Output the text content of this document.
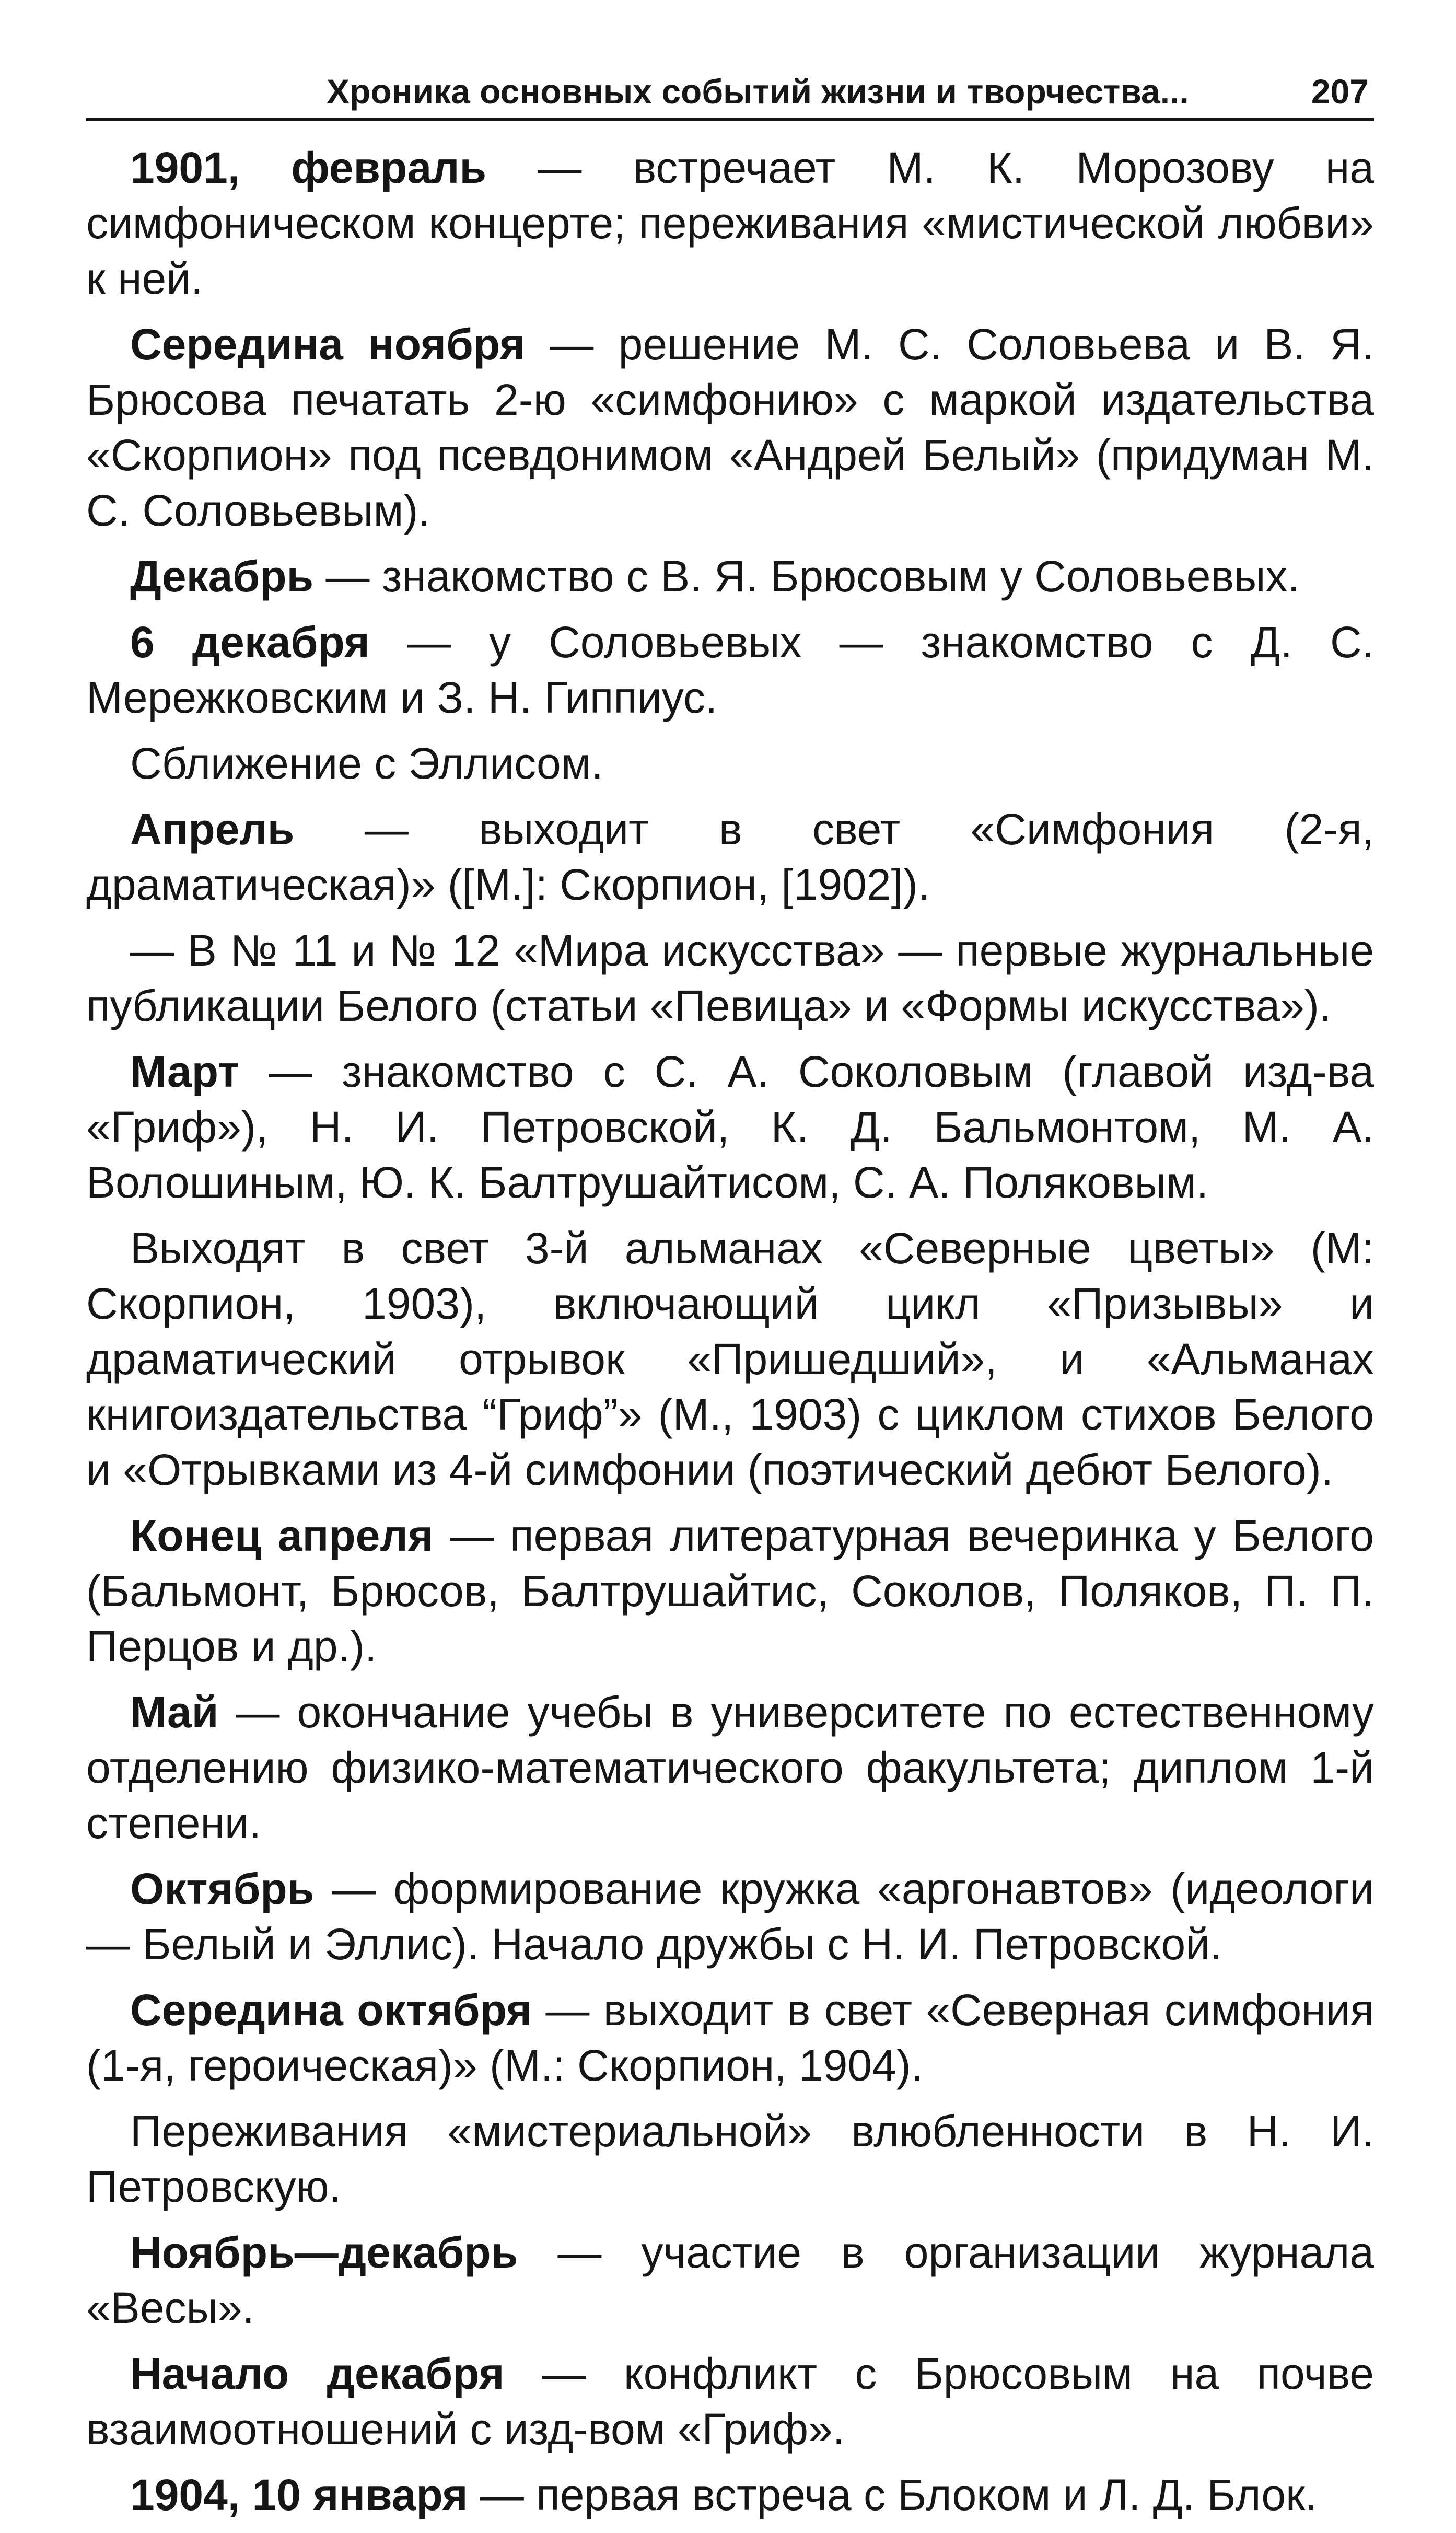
Хроника основных событий жизни и творчества...	207

1901, февраль — встречает М. К. Морозову на симфоническом концерте; переживания «мистической любви» к ней.

Середина ноября — решение М. С. Соловьева и В. Я. Брюсова печатать 2-ю «симфонию» с маркой издательства «Скорпион» под псевдонимом «Андрей Белый» (придуман М. С. Соловьевым).

Декабрь — знакомство с В. Я. Брюсовым у Соловьевых.

6 декабря — у Соловьевых — знакомство с Д. С. Мережковским и З. Н. Гиппиус.

Сближение с Эллисом.

Апрель — выходит в свет «Симфония (2-я, драматическая)» ([М.]: Скорпион, [1902]).

— В № 11 и № 12 «Мира искусства» — первые журнальные публикации Белого (статьи «Певица» и «Формы искусства»).

Март — знакомство с С. А. Соколовым (главой изд-ва «Гриф»), Н. И. Петровской, К. Д. Бальмонтом, М. А. Волошиным, Ю. К. Балтрушайтисом, С. А. Поляковым.

Выходят в свет 3-й альманах «Северные цветы» (М: Скорпион, 1903), включающий цикл «Призывы» и драматический отрывок «Пришедший», и «Альманах книгоиздательства “Гриф”» (М., 1903) с циклом стихов Белого и «Отрывками из 4-й симфонии (поэтический дебют Белого).

Конец апреля — первая литературная вечеринка у Белого (Бальмонт, Брюсов, Балтрушайтис, Соколов, Поляков, П. П. Перцов и др.).

Май — окончание учебы в университете по естественному отделению физико-математического факультета; диплом 1-й степени.

Октябрь — формирование кружка «аргонавтов» (идеологи — Белый и Эллис). Начало дружбы с Н. И. Петровской.

Середина октября — выходит в свет «Северная симфония (1-я, героическая)» (М.: Скорпион, 1904).

Переживания «мистериальной» влюбленности в Н. И. Петровскую.

Ноябрь—декабрь — участие в организации журнала «Весы».

Начало декабря — конфликт с Брюсовым на почве взаимоотношений с изд-вом «Гриф».

1904, 10 января — первая встреча с Блоком и Л. Д. Блок.
